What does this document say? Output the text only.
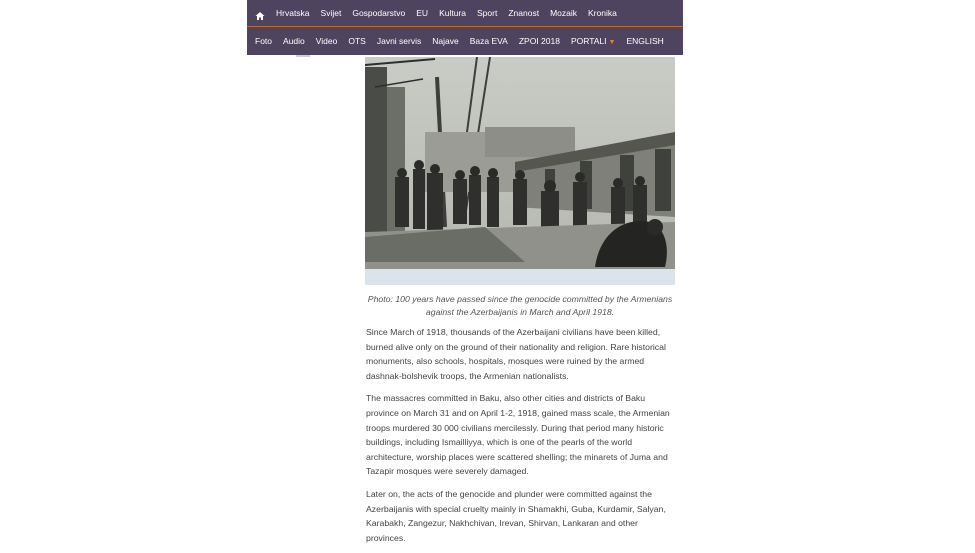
Hrvatska Svijet Gospodarstvo EU Kultura Sport Znanost Mozaik Kronika
Foto Audio Video OTS Javni servis Najave Baza EVA ZPOI 2018 PORTALI ▼ ENGLISH
Photo: 100 years have passed since the genocide committed by the Armenians against the Azerbaijanis in March and April 1918.

Since March of 1918, thousands of the Azerbaijani civilians have been killed, burned alive only on the ground of their nationality and religion. Rare historical monuments, also schools, hospitals, mosques were ruined by the armed dashnak-bolshevik troops, the Armenian nationalists.

The massacres committed in Baku, also other cities and districts of Baku province on March 31 and on April 1-2, 1918, gained mass scale, the Armenian troops murdered 30 000 civilians mercilessly. During that period many historic buildings, including Ismailliyya, which is one of the pearls of the world architecture, worship places were scattered shelling; the minarets of Juma and Tazapir mosques were severely damaged.

Later on, the acts of the genocide and plunder were committed against the Azerbaijanis with special cruelty mainly in Shamakhi, Guba, Kurdamir, Salyan, Karabakh, Zangezur, Nakhchivan, Irevan, Shirvan, Lankaran and other provinces.
